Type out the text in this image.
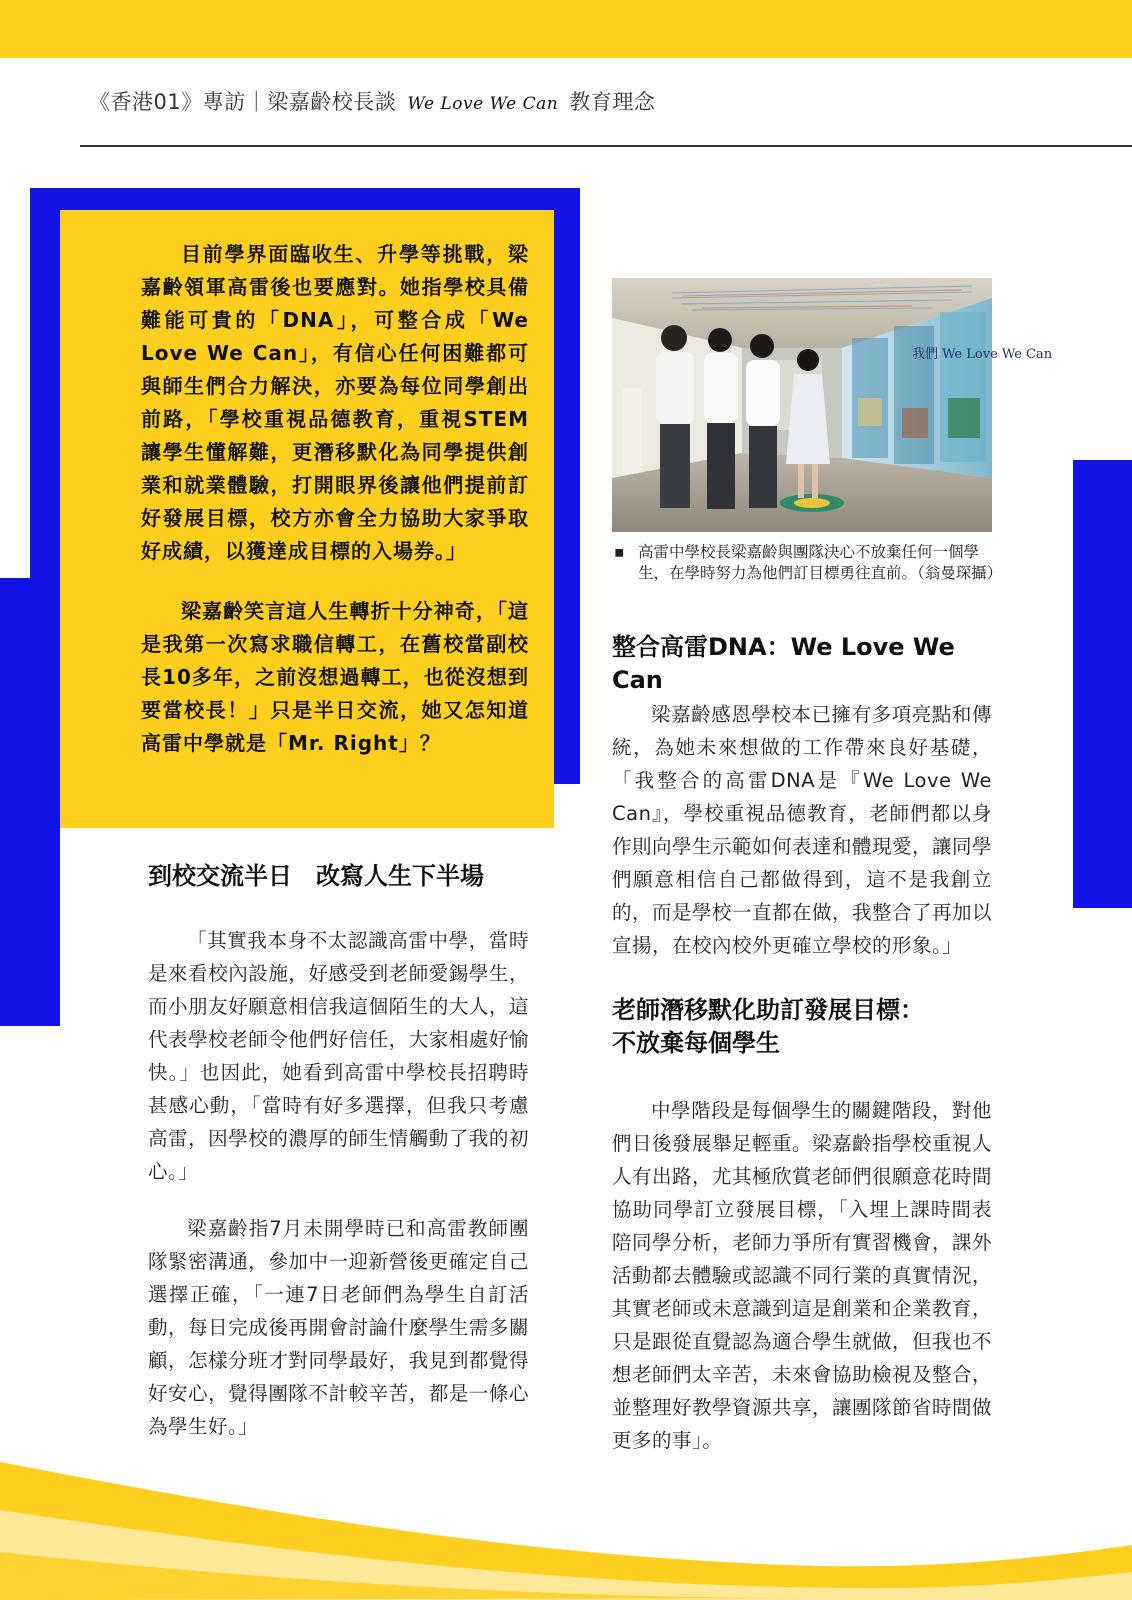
《香港01》專訪｜梁嘉齡校長談 We Love We Can 教育理念

目前學界面臨收生、升學等挑戰，梁嘉齡領軍高雷後也要應對。她指學校具備難能可貴的「DNA」，可整合成「We Love We Can」，有信心任何困難都可與師生們合力解決，亦要為每位同學創出前路，「學校重視品德教育，重視STEM讓學生懂解難，更潛移默化為同學提供創業和就業體驗，打開眼界後讓他們提前訂好發展目標，校方亦會全力協助大家爭取好成績，以獲達成目標的入場券。」

梁嘉齡笑言這人生轉折十分神奇，「這是我第一次寫求職信轉工，在舊校當副校長10多年，之前沒想過轉工，也從沒想到要當校長！」只是半日交流，她又怎知道高雷中學就是「Mr. Right」？

到校交流半日　改寫人生下半場

「其實我本身不太認識高雷中學，當時是來看校內設施，好感受到老師愛錫學生，而小朋友好願意相信我這個陌生的大人，這代表學校老師令他們好信任，大家相處好愉快。」也因此，她看到高雷中學校長招聘時甚感心動，「當時有好多選擇，但我只考慮高雷，因學校的濃厚的師生情觸動了我的初心。」

梁嘉齡指7月未開學時已和高雷教師團隊緊密溝通，參加中一迎新營後更確定自己選擇正確，「一連7日老師們為學生自訂活動，每日完成後再開會討論什麼學生需多關顧，怎樣分班才對同學最好，我見到都覺得好安心，覺得團隊不計較辛苦，都是一條心為學生好。」

我們 We Love We Can
▪ 高雷中學校長梁嘉齡與團隊決心不放棄任何一個學生，在學時努力為他們訂目標勇往直前。（翁曼琛攝）
整合高雷DNA：We Love We Can

梁嘉齡感恩學校本已擁有多項亮點和傳統，為她未來想做的工作帶來良好基礎，「我整合的高雷DNA是『We Love We Can』，學校重視品德教育，老師們都以身作則向學生示範如何表達和體現愛，讓同學們願意相信自己都做得到，這不是我創立的，而是學校一直都在做，我整合了再加以宣揚，在校內校外更確立學校的形象。」

老師潛移默化助訂發展目標：
不放棄每個學生

中學階段是每個學生的關鍵階段，對他們日後發展舉足輕重。梁嘉齡指學校重視人人有出路，尤其極欣賞老師們很願意花時間協助同學訂立發展目標，「入埋上課時間表陪同學分析，老師力爭所有實習機會，課外活動都去體驗或認識不同行業的真實情況，其實老師或未意識到這是創業和企業教育，只是跟從直覺認為適合學生就做，但我也不想老師們太辛苦，未來會協助檢視及整合，並整理好教學資源共享，讓團隊節省時間做更多的事」。
